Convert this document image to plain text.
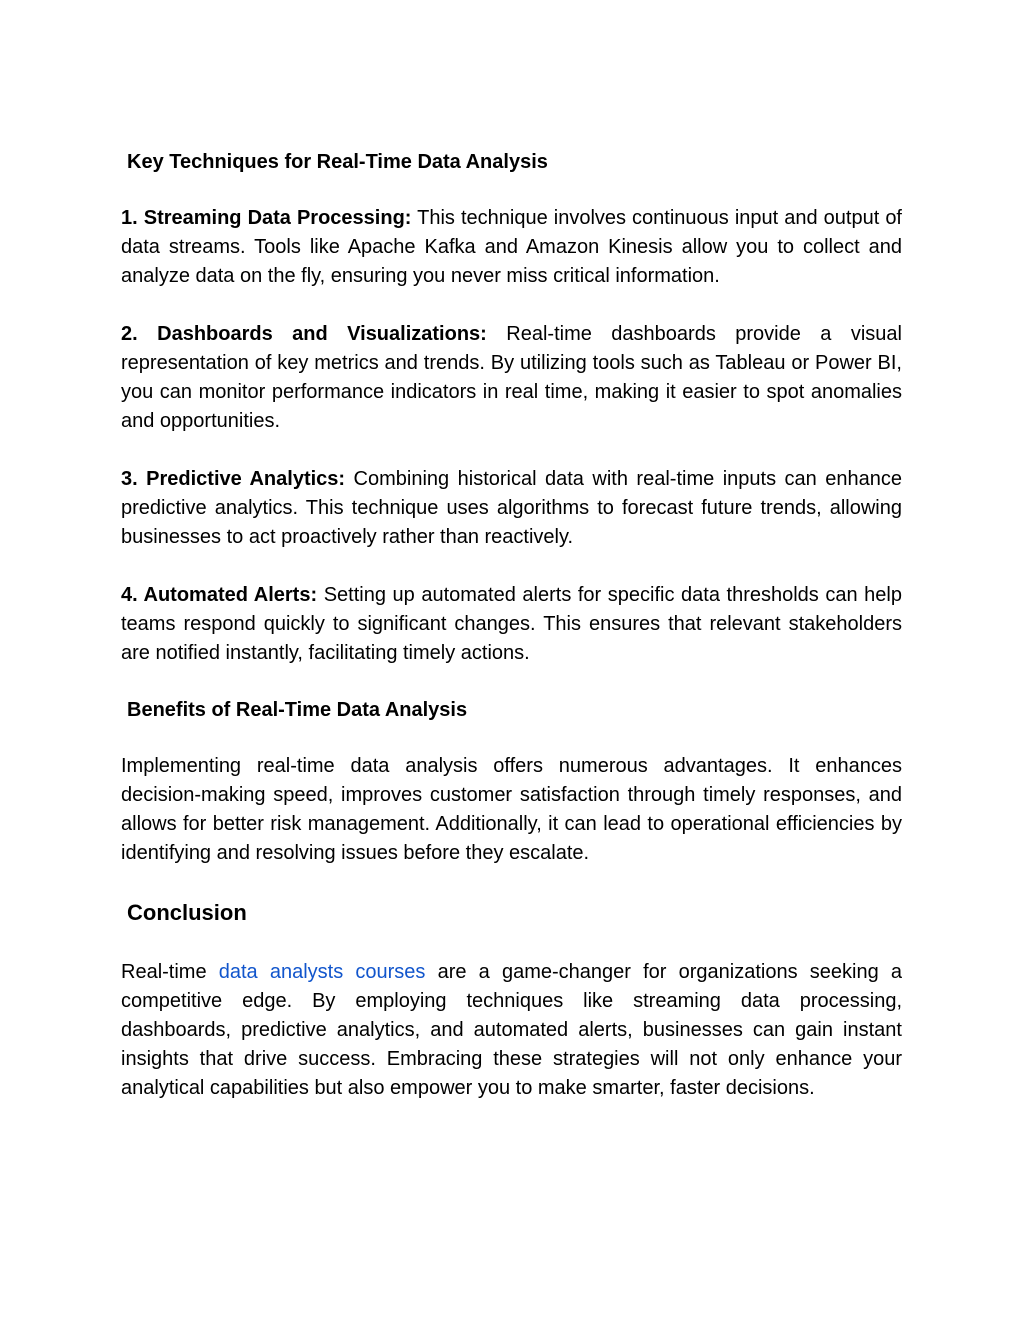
Key Techniques for Real-Time Data Analysis

1. Streaming Data Processing: This technique involves continuous input and output of data streams. Tools like Apache Kafka and Amazon Kinesis allow you to collect and analyze data on the fly, ensuring you never miss critical information.

2. Dashboards and Visualizations: Real-time dashboards provide a visual representation of key metrics and trends. By utilizing tools such as Tableau or Power BI, you can monitor performance indicators in real time, making it easier to spot anomalies and opportunities.

3. Predictive Analytics: Combining historical data with real-time inputs can enhance predictive analytics. This technique uses algorithms to forecast future trends, allowing businesses to act proactively rather than reactively.

4. Automated Alerts: Setting up automated alerts for specific data thresholds can help teams respond quickly to significant changes. This ensures that relevant stakeholders are notified instantly, facilitating timely actions.

Benefits of Real-Time Data Analysis

Implementing real-time data analysis offers numerous advantages. It enhances decision-making speed, improves customer satisfaction through timely responses, and allows for better risk management. Additionally, it can lead to operational efficiencies by identifying and resolving issues before they escalate.

Conclusion

Real-time data analysts courses are a game-changer for organizations seeking a competitive edge. By employing techniques like streaming data processing, dashboards, predictive analytics, and automated alerts, businesses can gain instant insights that drive success. Embracing these strategies will not only enhance your analytical capabilities but also empower you to make smarter, faster decisions.
